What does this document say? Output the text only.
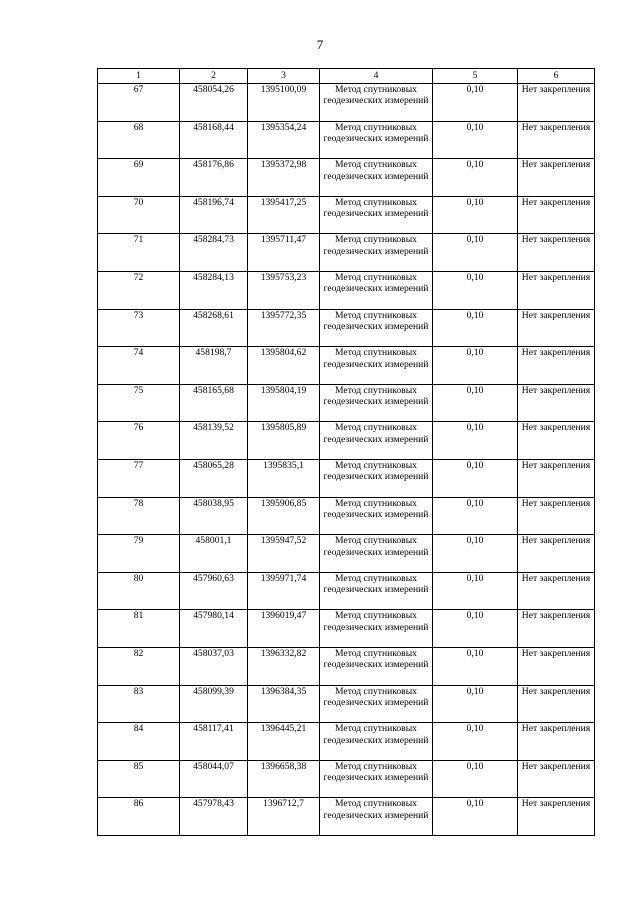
7
1	2	3	4	5	6
67	458054,26	1395100,09	Метод спутниковых геодезических измерений	0,10	Нет закрепления
68	458168,44	1395354,24	Метод спутниковых геодезических измерений	0,10	Нет закрепления
69	458176,86	1395372,98	Метод спутниковых геодезических измерений	0,10	Нет закрепления
70	458196,74	1395417,25	Метод спутниковых геодезических измерений	0,10	Нет закрепления
71	458284,73	1395711,47	Метод спутниковых геодезических измерений	0,10	Нет закрепления
72	458284,13	1395753,23	Метод спутниковых геодезических измерений	0,10	Нет закрепления
73	458268,61	1395772,35	Метод спутниковых геодезических измерений	0,10	Нет закрепления
74	458198,7	1395804,62	Метод спутниковых геодезических измерений	0,10	Нет закрепления
75	458165,68	1395804,19	Метод спутниковых геодезических измерений	0,10	Нет закрепления
76	458139,52	1395805,89	Метод спутниковых геодезических измерений	0,10	Нет закрепления
77	458065,28	1395835,1	Метод спутниковых геодезических измерений	0,10	Нет закрепления
78	458038,95	1395906,85	Метод спутниковых геодезических измерений	0,10	Нет закрепления
79	458001,1	1395947,52	Метод спутниковых геодезических измерений	0,10	Нет закрепления
80	457960,63	1395971,74	Метод спутниковых геодезических измерений	0,10	Нет закрепления
81	457980,14	1396019,47	Метод спутниковых геодезических измерений	0,10	Нет закрепления
82	458037,03	1396332,82	Метод спутниковых геодезических измерений	0,10	Нет закрепления
83	458099,39	1396384,35	Метод спутниковых геодезических измерений	0,10	Нет закрепления
84	458117,41	1396445,21	Метод спутниковых геодезических измерений	0,10	Нет закрепления
85	458044,07	1396658,38	Метод спутниковых геодезических измерений	0,10	Нет закрепления
86	457978,43	1396712,7	Метод спутниковых геодезических измерений	0,10	Нет закрепления
